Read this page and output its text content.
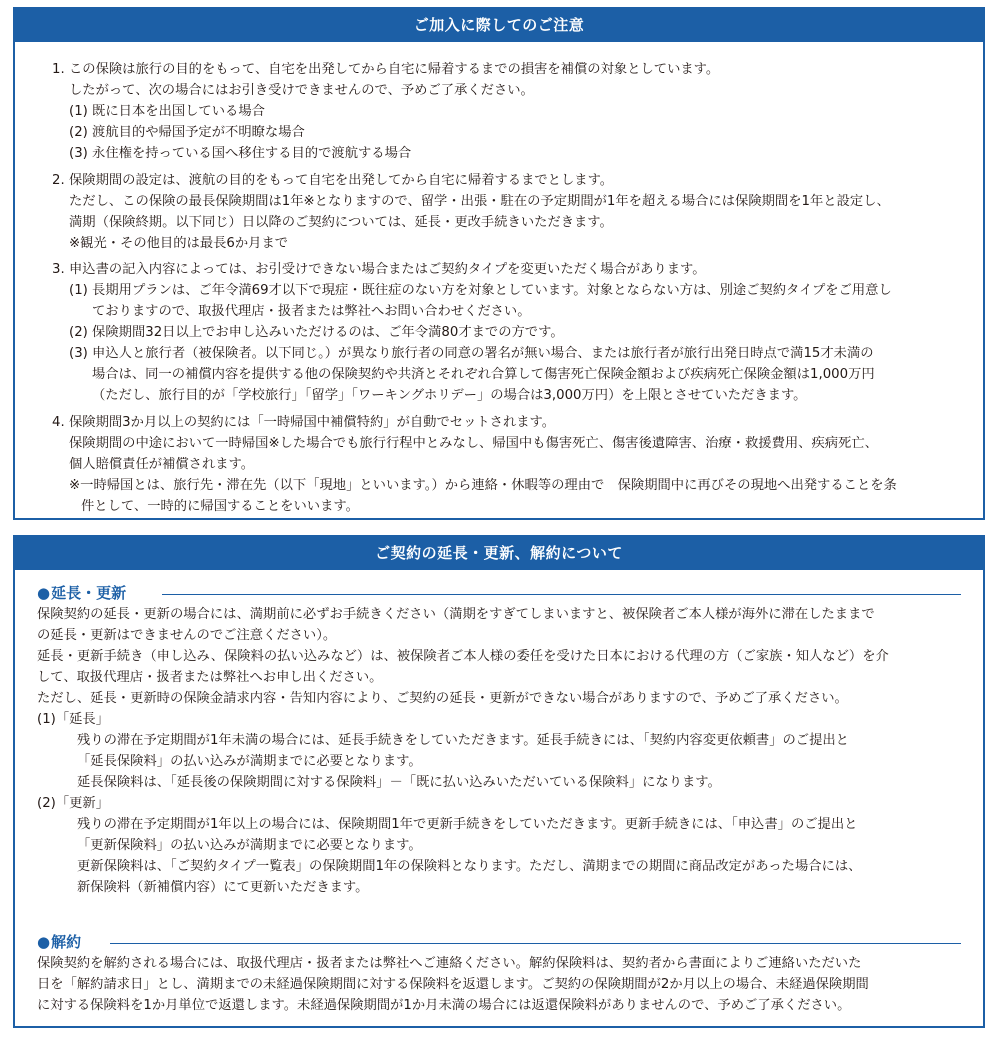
ご加入に際してのご注意
1. この保険は旅行の目的をもって、自宅を出発してから自宅に帰着するまでの損害を補償の対象としています。
したがって、次の場合にはお引き受けできませんので、予めご了承ください。
(1) 既に日本を出国している場合
(2) 渡航目的や帰国予定が不明瞭な場合
(3) 永住権を持っている国へ移住する目的で渡航する場合
2. 保険期間の設定は、渡航の目的をもって自宅を出発してから自宅に帰着するまでとします。
ただし、この保険の最長保険期間は1年※となりますので、留学・出張・駐在の予定期間が1年を超える場合には保険期間を1年と設定し、
満期（保険終期。以下同じ）日以降のご契約については、延長・更改手続きいただきます。
※観光・その他目的は最長6か月まで
3. 申込書の記入内容によっては、お引受けできない場合またはご契約タイプを変更いただく場合があります。
(1) 長期用プランは、ご年令満69才以下で現症・既往症のない方を対象としています。対象とならない方は、別途ご契約タイプをご用意し
ておりますので、取扱代理店・扱者または弊社へお問い合わせください。
(2) 保険期間32日以上でお申し込みいただけるのは、ご年令満80才までの方です。
(3) 申込人と旅行者（被保険者。以下同じ。）が異なり旅行者の同意の署名が無い場合、または旅行者が旅行出発日時点で満15才未満の
場合は、同一の補償内容を提供する他の保険契約や共済とそれぞれ合算して傷害死亡保険金額および疾病死亡保険金額は1,000万円
（ただし、旅行目的が「学校旅行」「留学」「ワーキングホリデー」の場合は3,000万円）を上限とさせていただきます。
4. 保険期間3か月以上の契約には「一時帰国中補償特約」が自動でセットされます。
保険期間の中途において一時帰国※した場合でも旅行行程中とみなし、帰国中も傷害死亡、傷害後遺障害、治療・救援費用、疾病死亡、
個人賠償責任が補償されます。
※一時帰国とは、旅行先・滞在先（以下「現地」といいます。）から連絡・休暇等の理由で　保険期間中に再びその現地へ出発することを条
件として、一時的に帰国することをいいます。
ご契約の延長・更新、解約について
● 延長・更新
保険契約の延長・更新の場合には、満期前に必ずお手続きください（満期をすぎてしまいますと、被保険者ご本人様が海外に滞在したままで
の延長・更新はできませんのでご注意ください）。
延長・更新手続き（申し込み、保険料の払い込みなど）は、被保険者ご本人様の委任を受けた日本における代理の方（ご家族・知人など）を介
して、取扱代理店・扱者または弊社へお申し出ください。
ただし、延長・更新時の保険金請求内容・告知内容により、ご契約の延長・更新ができない場合がありますので、予めご了承ください。
(1)「延長」
残りの滞在予定期間が1年未満の場合には、延長手続きをしていただきます。延長手続きには、「契約内容変更依頼書」のご提出と
「延長保険料」の払い込みが満期までに必要となります。
延長保険料は、「延長後の保険期間に対する保険料」－「既に払い込みいただいている保険料」になります。
(2)「更新」
残りの滞在予定期間が1年以上の場合には、保険期間1年で更新手続きをしていただきます。更新手続きには、「申込書」のご提出と
「更新保険料」の払い込みが満期までに必要となります。
更新保険料は、「ご契約タイプ一覧表」の保険期間1年の保険料となります。ただし、満期までの期間に商品改定があった場合には、
新保険料（新補償内容）にて更新いただきます。
● 解約
保険契約を解約される場合には、取扱代理店・扱者または弊社へご連絡ください。解約保険料は、契約者から書面によりご連絡いただいた
日を「解約請求日」とし、満期までの未経過保険期間に対する保険料を返還します。ご契約の保険期間が2か月以上の場合、未経過保険期間
に対する保険料を1か月単位で返還します。未経過保険期間が1か月未満の場合には返還保険料がありませんので、予めご了承ください。
